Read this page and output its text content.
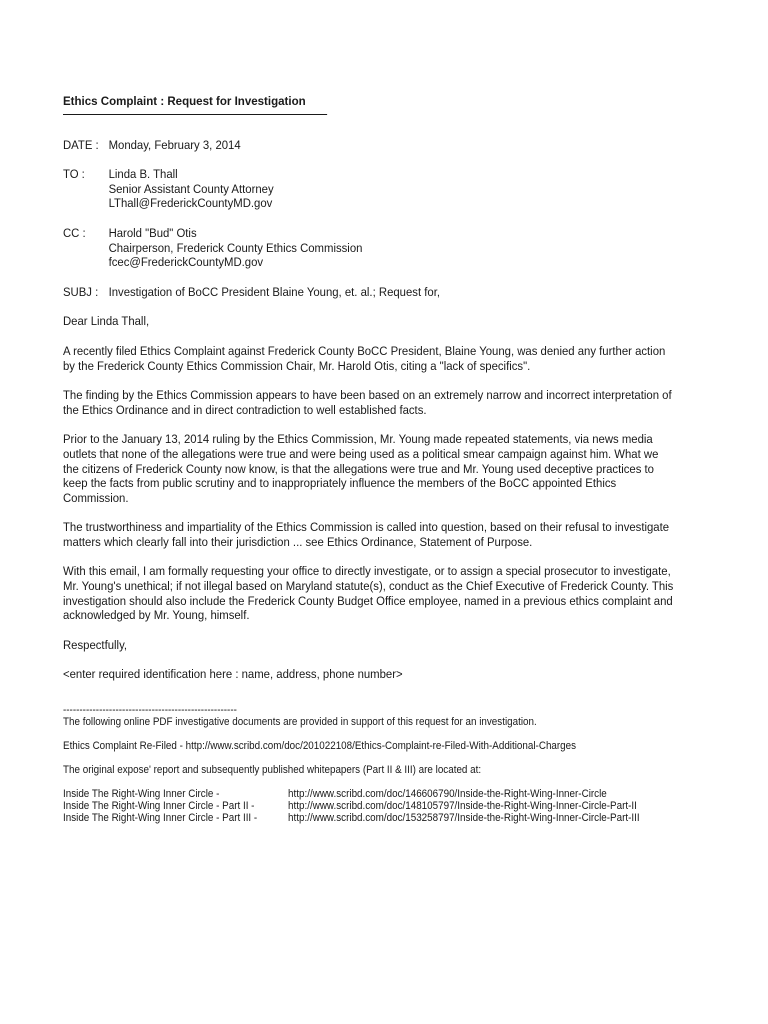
Ethics Complaint : Request for Investigation
DATE : Monday, February 3, 2014
TO :	Linda B. Thall
Senior Assistant County Attorney
LThall@FrederickCountyMD.gov
CC :	Harold "Bud" Otis
Chairperson, Frederick County Ethics Commission
fcec@FrederickCountyMD.gov
SUBJ : Investigation of BoCC President Blaine Young, et. al.; Request for,

Dear Linda Thall,

A recently filed Ethics Complaint against Frederick County BoCC President, Blaine Young, was denied any further action by the Frederick County Ethics Commission Chair, Mr. Harold Otis, citing a "lack of specifics".

The finding by the Ethics Commission appears to have been based on an extremely narrow and incorrect interpretation of the Ethics Ordinance and in direct contradiction to well established facts.

Prior to the January 13, 2014 ruling by the Ethics Commission, Mr. Young made repeated statements, via news media outlets that none of the allegations were true and were being used as a political smear campaign against him. What we the citizens of Frederick County now know, is that the allegations were true and Mr. Young used deceptive practices to keep the facts from public scrutiny and to inappropriately influence the members of the BoCC appointed Ethics Commission.

The trustworthiness and impartiality of the Ethics Commission is called into question, based on their refusal to investigate matters which clearly fall into their jurisdiction ... see Ethics Ordinance, Statement of Purpose.

With this email, I am formally requesting your office to directly investigate, or to assign a special prosecutor to investigate, Mr. Young's unethical; if not illegal based on Maryland statute(s), conduct as the Chief Executive of Frederick County. This investigation should also include the Frederick County Budget Office employee, named in a previous ethics complaint and acknowledged by Mr. Young, himself.

Respectfully,

<enter required identification here : name, address, phone number>

-----------------------------------------------------
The following online PDF investigative documents are provided in support of this request for an investigation.
Ethics Complaint Re-Filed - http://www.scribd.com/doc/201022108/Ethics-Complaint-re-Filed-With-Additional-Charges
The original expose' report and subsequently published whitepapers (Part II & III) are located at:
Inside The Right-Wing Inner Circle -	http://www.scribd.com/doc/146606790/Inside-the-Right-Wing-Inner-Circle
Inside The Right-Wing Inner Circle - Part II -	http://www.scribd.com/doc/148105797/Inside-the-Right-Wing-Inner-Circle-Part-II
Inside The Right-Wing Inner Circle - Part III -	http://www.scribd.com/doc/153258797/Inside-the-Right-Wing-Inner-Circle-Part-III
